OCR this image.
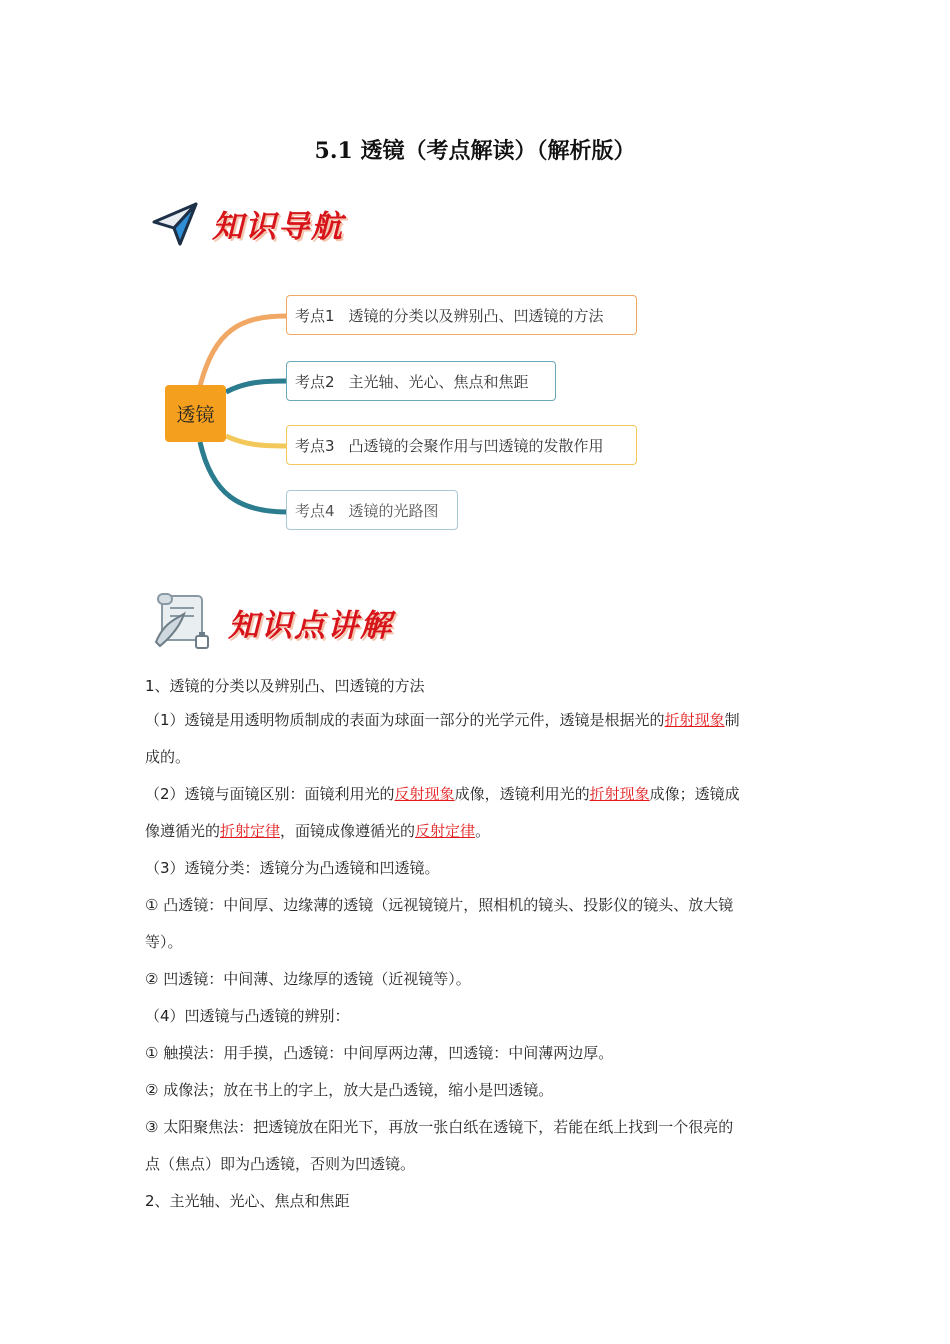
5.1 透镜（考点解读）（解析版）
知识导航
透镜
考点1 透镜的分类以及辨别凸、凹透镜的方法
考点2 主光轴、光心、焦点和焦距
考点3 凸透镜的会聚作用与凹透镜的发散作用
考点4 透镜的光路图
知识点讲解
1、透镜的分类以及辨别凸、凹透镜的方法
（1）透镜是用透明物质制成的表面为球面一部分的光学元件，透镜是根据光的折射现象制
成的。
（2）透镜与面镜区别：面镜利用光的反射现象成像，透镜利用光的折射现象成像；透镜成
像遵循光的折射定律，面镜成像遵循光的反射定律。
（3）透镜分类：透镜分为凸透镜和凹透镜。
① 凸透镜：中间厚、边缘薄的透镜（远视镜镜片，照相机的镜头、投影仪的镜头、放大镜
等）。
② 凹透镜：中间薄、边缘厚的透镜（近视镜等）。
（4）凹透镜与凸透镜的辨别：
① 触摸法：用手摸，凸透镜：中间厚两边薄，凹透镜：中间薄两边厚。
② 成像法；放在书上的字上，放大是凸透镜，缩小是凹透镜。
③ 太阳聚焦法：把透镜放在阳光下，再放一张白纸在透镜下，若能在纸上找到一个很亮的
点（焦点）即为凸透镜，否则为凹透镜。
2、主光轴、光心、焦点和焦距
